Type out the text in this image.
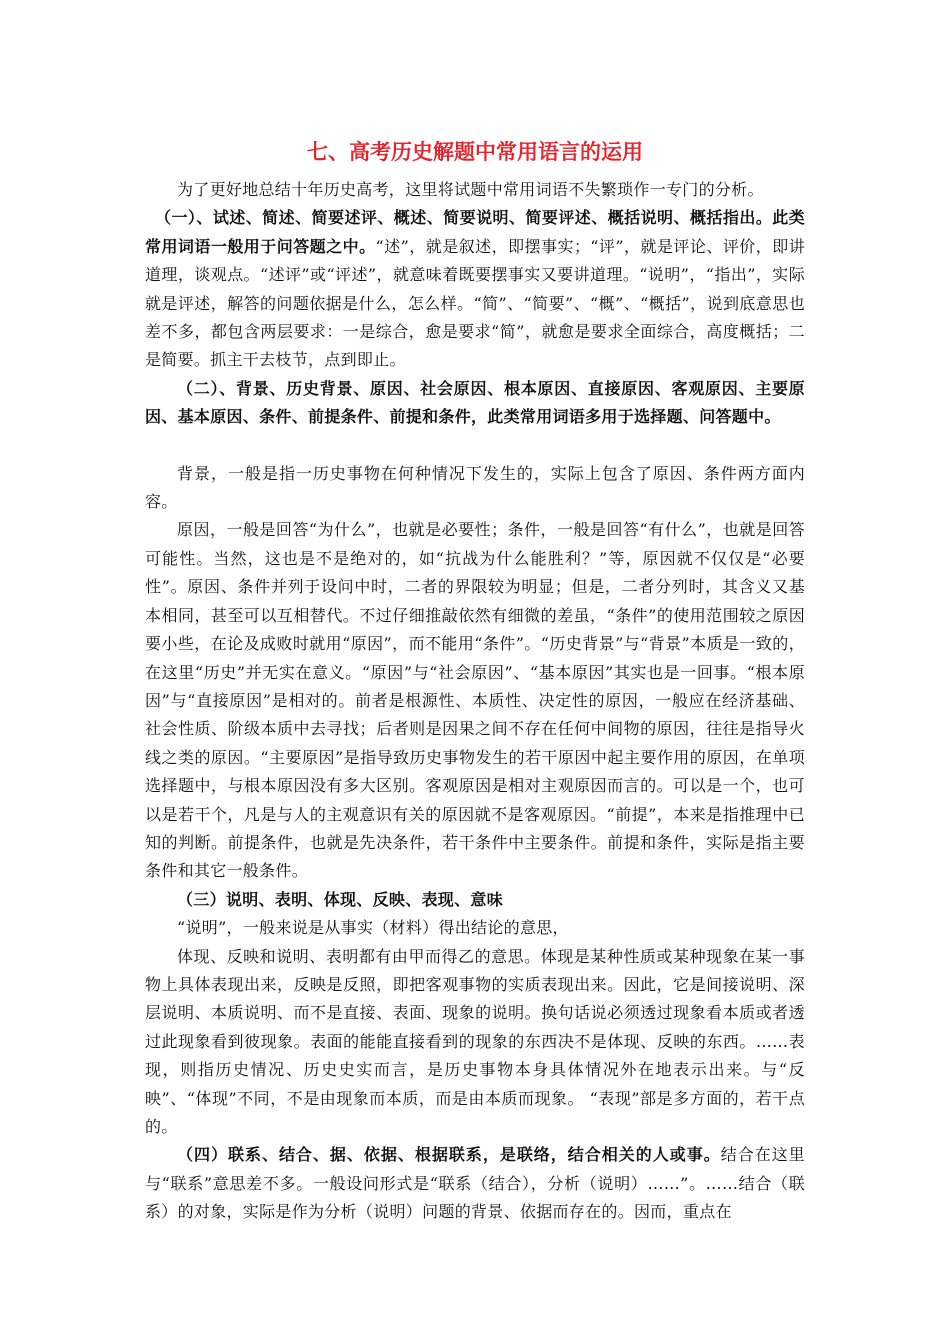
七、高考历史解题中常用语言的运用

为了更好地总结十年历史高考，这里将试题中常用词语不失繁琐作一专门的分析。

（一）、试述、简述、简要述评、概述、简要说明、简要评述、概括说明、概括指出。此类常用词语一般用于问答题之中。“述”，就是叙述，即摆事实；“评”，就是评论、评价，即讲道理，谈观点。“述评”或“评述”，就意味着既要摆事实又要讲道理。“说明”，“指出”，实际就是评述，解答的问题依据是什么，怎么样。“简”、“简要”、“概”、“概括”，说到底意思也差不多，都包含两层要求：一是综合，愈是要求“简”，就愈是要求全面综合，高度概括；二是简要。抓主干去枝节，点到即止。

（二）、背景、历史背景、原因、社会原因、根本原因、直接原因、客观原因、主要原因、基本原因、条件、前提条件、前提和条件，此类常用词语多用于选择题、问答题中。

背景，一般是指一历史事物在何种情况下发生的，实际上包含了原因、条件两方面内容。

原因，一般是回答“为什么”，也就是必要性；条件，一般是回答“有什么”，也就是回答可能性。当然，这也是不是绝对的，如“抗战为什么能胜利？”等，原因就不仅仅是“必要性”。原因、条件并列于设问中时，二者的界限较为明显；但是，二者分列时，其含义又基本相同，甚至可以互相替代。不过仔细推敲依然有细微的差虽，“条件”的使用范围较之原因要小些，在论及成败时就用“原因”，而不能用“条件”。“历史背景”与“背景”本质是一致的，在这里“历史”并无实在意义。“原因”与“社会原因”、“基本原因”其实也是一回事。“根本原因”与“直接原因”是相对的。前者是根源性、本质性、决定性的原因，一般应在经济基础、社会性质、阶级本质中去寻找；后者则是因果之间不存在任何中间物的原因，往往是指导火线之类的原因。“主要原因”是指导致历史事物发生的若干原因中起主要作用的原因，在单项选择题中，与根本原因没有多大区别。客观原因是相对主观原因而言的。可以是一个，也可以是若干个，凡是与人的主观意识有关的原因就不是客观原因。“前提”，本来是指推理中已知的判断。前提条件，也就是先决条件，若干条件中主要条件。前提和条件，实际是指主要条件和其它一般条件。

（三）说明、表明、体现、反映、表现、意味

“说明”，一般来说是从事实（材料）得出结论的意思，

体现、反映和说明、表明都有由甲而得乙的意思。体现是某种性质或某种现象在某一事物上具体表现出来，反映是反照，即把客观事物的实质表现出来。因此，它是间接说明、深层说明、本质说明、而不是直接、表面、现象的说明。换句话说必须透过现象看本质或者透过此现象看到彼现象。表面的能能直接看到的现象的东西决不是体现、反映的东西。……表现，则指历史情况、历史史实而言，是历史事物本身具体情况外在地表示出来。与“反映”、“体现”不同，不是由现象而本质，而是由本质而现象。 “表现”部是多方面的，若干点的。

（四）联系、结合、据、依据、根据联系，是联络，结合相关的人或事。结合在这里与“联系”意思差不多。一般设问形式是“联系（结合），分析（说明）……”。……结合（联系）的对象，实际是作为分析（说明）问题的背景、依据而存在的。因而，重点在
